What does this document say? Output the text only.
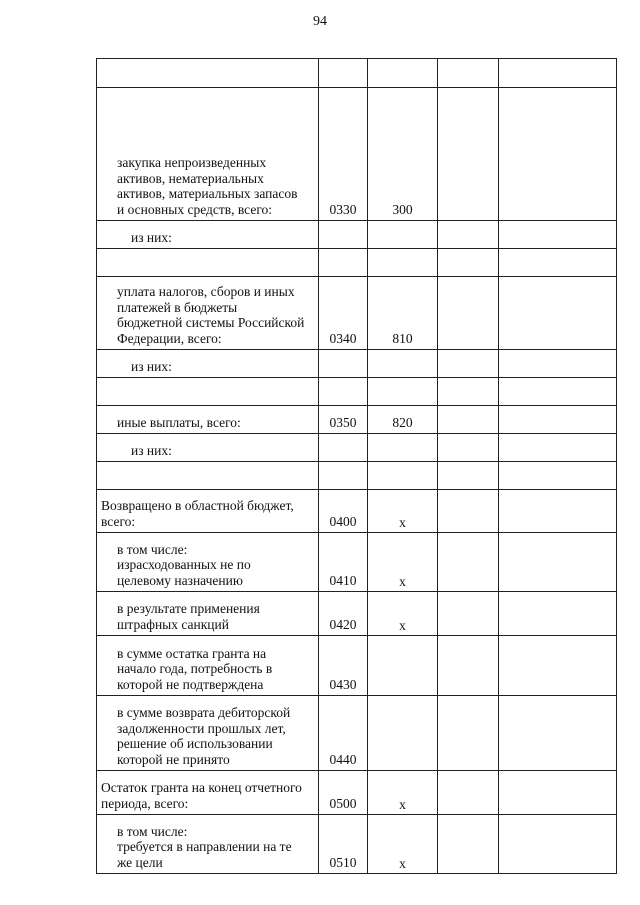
94

закупка непроизведенных
активов, нематериальных
активов, материальных запасов
и основных средств, всего:	0330	300		

из них:				

уплата налогов, сборов и иных
платежей в бюджеты
бюджетной системы Российской
Федерации, всего:	0340	810		

из них:				

иные выплаты, всего:	0350	820		

из них:				

Возвращено в областной бюджет,
всего:	0400	x		

в том числе:
израсходованных не по
целевому назначению	0410	x		

в результате применения
штрафных санкций	0420	x		

в сумме остатка гранта на
начало года, потребность в
которой не подтверждена	0430			

в сумме возврата дебиторской
задолженности прошлых лет,
решение об использовании
которой не принято	0440			

Остаток гранта на конец отчетного
периода, всего:	0500	x		

в том числе:
требуется в направлении на те
же цели	0510	x		
